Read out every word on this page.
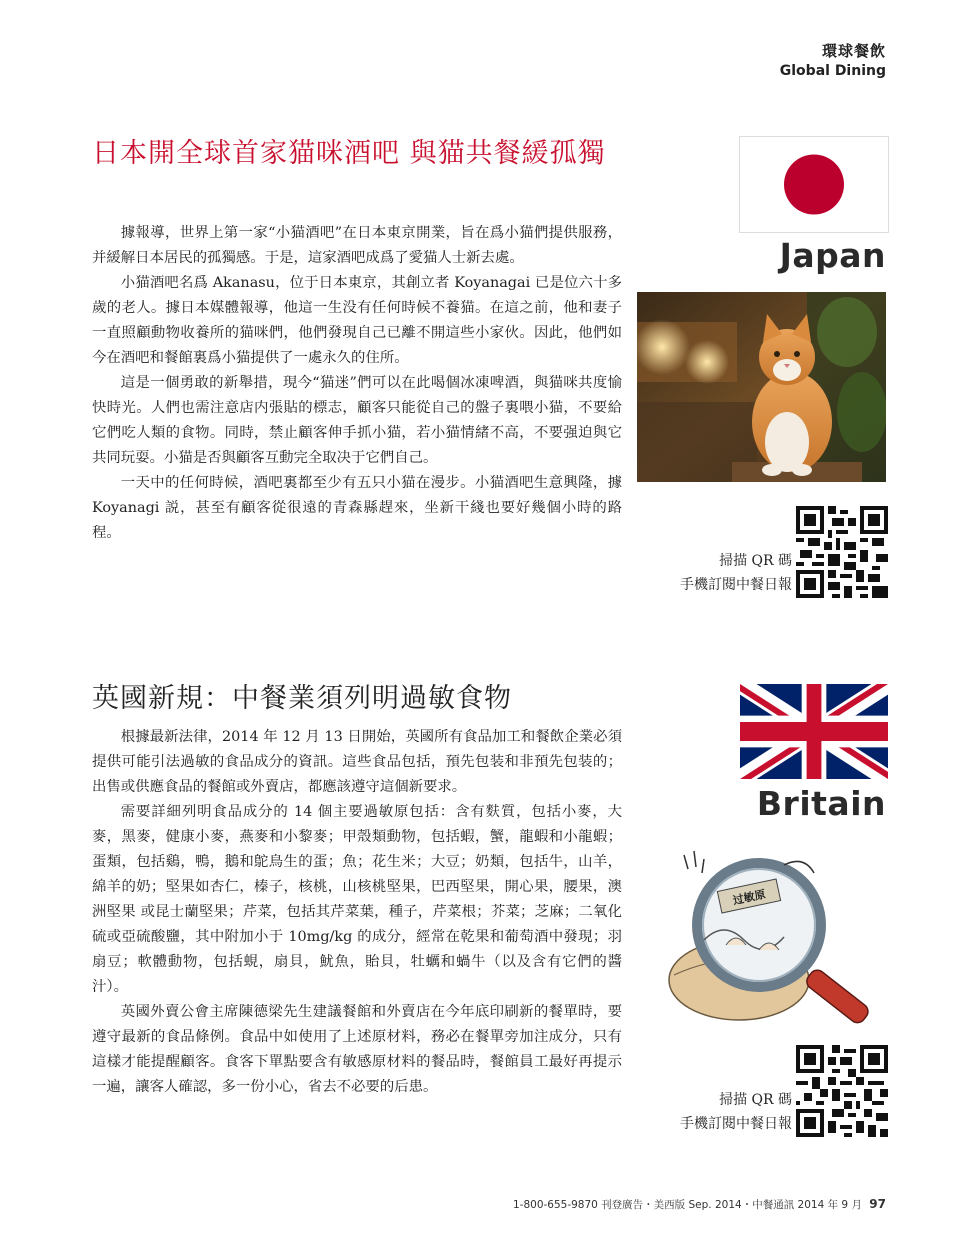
環球餐飲
Global Dining
日本開全球首家猫咪酒吧 與猫共餐緩孤獨

據報導，世界上第一家“小猫酒吧”在日本東京開業，旨在爲小猫們提供服務，并緩解日本居民的孤獨感。于是，這家酒吧成爲了愛猫人士新去處。

小猫酒吧名爲 Akanasu，位于日本東京，其創立者 Koyanagai 已是位六十多歲的老人。據日本媒體報導，他這一生没有任何時候不養猫。在這之前，他和妻子一直照顧動物收養所的猫咪們，他們發現自己已離不開這些小家伙。因此，他們如今在酒吧和餐館裏爲小猫提供了一處永久的住所。

這是一個勇敢的新舉措，現今“猫迷”們可以在此喝個冰凍啤酒，與猫咪共度愉快時光。人們也需注意店内張貼的標志，顧客只能從自己的盤子裏喂小猫，不要給它們吃人類的食物。同時，禁止顧客伸手抓小猫，若小猫情緒不高，不要强迫與它共同玩耍。小猫是否與顧客互動完全取决于它們自己。

一天中的任何時候，酒吧裏都至少有五只小猫在漫步。小猫酒吧生意興隆，據 Koyanagi 説，甚至有顧客從很遠的青森縣趕來，坐新干綫也要好幾個小時的路程。

Japan
掃描 QR 碼
手機訂閱中餐日報
英國新規：中餐業須列明過敏食物

根據最新法律，2014 年 12 月 13 日開始，英國所有食品加工和餐飲企業必須提供可能引法過敏的食品成分的資訊。這些食品包括，預先包装和非預先包装的；出售或供應食品的餐館或外賣店，都應該遵守這個新要求。

需要詳細列明食品成分的 14 個主要過敏原包括：含有麩質，包括小麥，大麥，黑麥，健康小麥，燕麥和小黎麥；甲殼類動物，包括蝦，蟹，龍蝦和小龍蝦；蛋類，包括鷄，鴨，鵝和鴕鳥生的蛋；魚；花生米；大豆；奶類，包括牛，山羊，綿羊的奶；堅果如杏仁，榛子，核桃，山核桃堅果，巴西堅果，開心果，腰果，澳洲堅果 或昆士蘭堅果；芹菜，包括其芹菜葉，種子，芹菜根；芥菜；芝麻；二氧化硫或亞硫酸鹽，其中附加小于 10mg/kg 的成分，經常在乾果和葡萄酒中發現；羽扇豆；軟體動物，包括蜆，扇貝，魷魚，貽貝，牡蠣和蝸牛（以及含有它們的醬汁）。

英國外賣公會主席陳德梁先生建議餐館和外賣店在今年底印刷新的餐單時，要遵守最新的食品條例。食品中如使用了上述原材料，務必在餐單旁加注成分，只有這樣才能提醒顧客。食客下單點要含有敏感原材料的餐品時，餐館員工最好再提示一遍，讓客人確認，多一份小心，省去不必要的后患。

Britain
过敏原
掃描 QR 碼
手機訂閱中餐日報
1-800-655-9870 刊登廣告・美西版 Sep. 2014・中餐通訊 2014 年 9 月 97
